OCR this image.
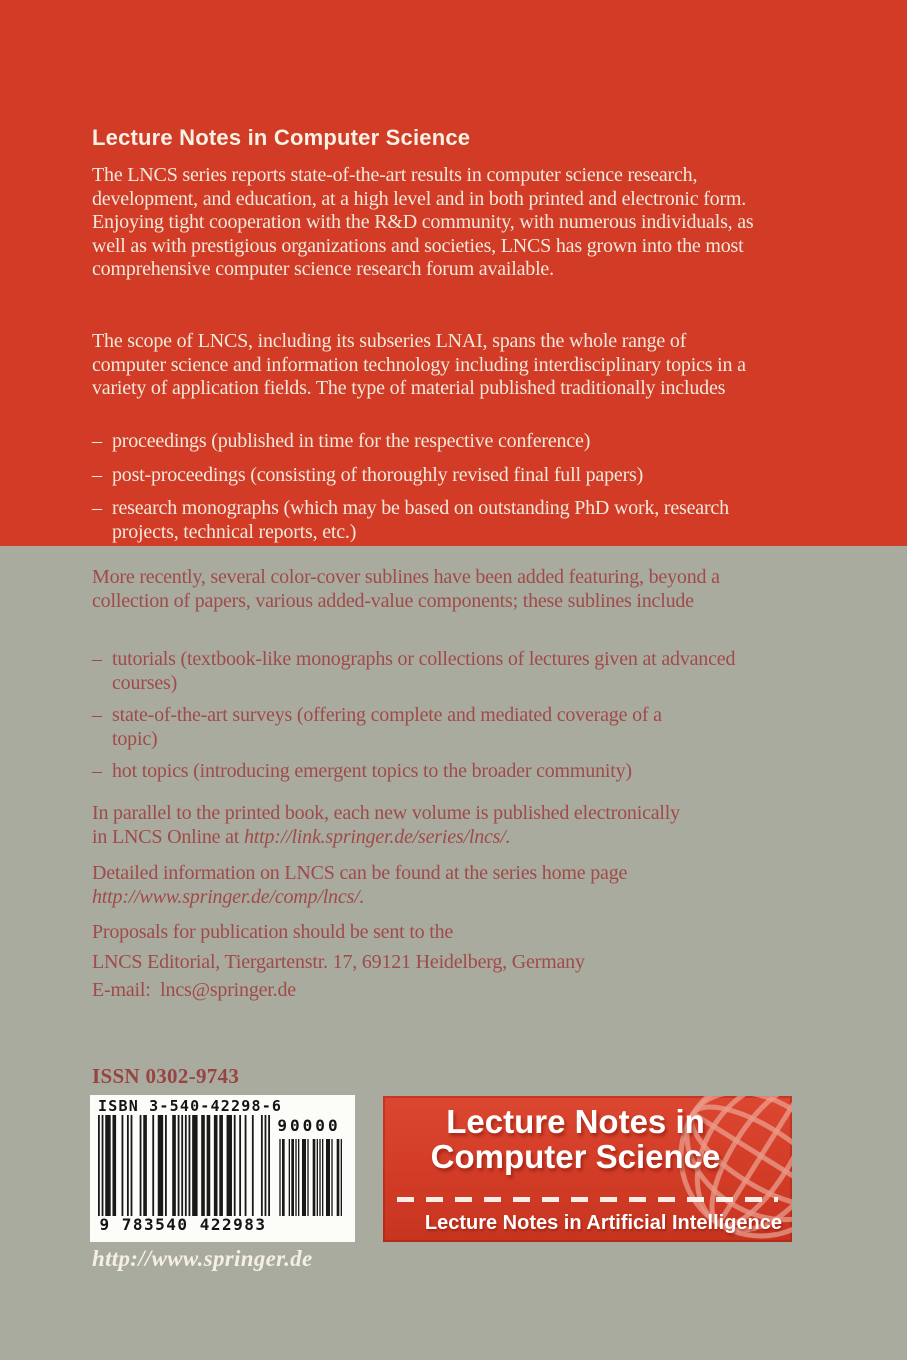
Lecture Notes in Computer Science

The LNCS series reports state-of-the-art results in computer science research, development, and education, at a high level and in both printed and electronic form. Enjoying tight cooperation with the R&D community, with numerous individuals, as well as with prestigious organizations and societies, LNCS has grown into the most comprehensive computer science research forum available.

The scope of LNCS, including its subseries LNAI, spans the whole range of computer science and information technology including interdisciplinary topics in a variety of application fields. The type of material published traditionally includes

– proceedings (published in time for the respective conference)
– post-proceedings (consisting of thoroughly revised final full papers)
– research monographs (which may be based on outstanding PhD work, research projects, technical reports, etc.)

More recently, several color-cover sublines have been added featuring, beyond a collection of papers, various added-value components; these sublines include

– tutorials (textbook-like monographs or collections of lectures given at advanced courses)
– state-of-the-art surveys (offering complete and mediated coverage of a topic)
– hot topics (introducing emergent topics to the broader community)

In parallel to the printed book, each new volume is published electronically in LNCS Online at http://link.springer.de/series/lncs/.

Detailed information on LNCS can be found at the series home page http://www.springer.de/comp/lncs/.

Proposals for publication should be sent to the

LNCS Editorial, Tiergartenstr. 17, 69121 Heidelberg, Germany

E-mail:  lncs@springer.de

ISSN 0302-9743
ISBN 3-540-42298-6
90000
9 783540 422983
Lecture Notes in
Computer Science
Lecture Notes in Artificial Intelligence
http://www.springer.de
